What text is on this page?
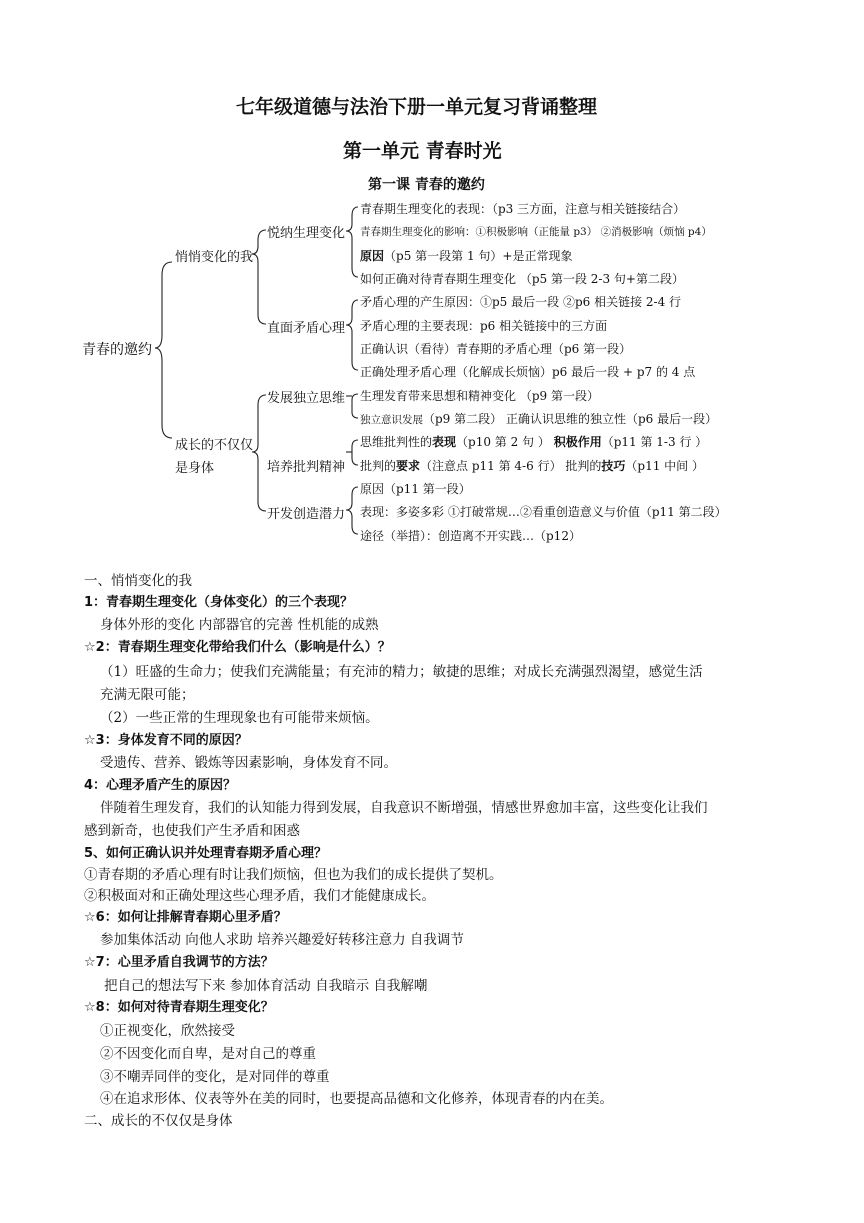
七年级道德与法治下册一单元复习背诵整理
第一单元 青春时光
第一课 青春的邀约
青春的邀约
悄悄变化的我
悦纳生理变化
青春期生理变化的表现：（p3 三方面，注意与相关链接结合）
青春期生理变化的影响：①积极影响（正能量 p3） ②消极影响（烦恼 p4）
原因（p5 第一段第 1 句）+是正常现象
如何正确对待青春期生理变化 （p5 第一段 2-3 句+第二段）
直面矛盾心理
矛盾心理的产生原因：①p5 最后一段 ②p6 相关链接 2-4 行
矛盾心理的主要表现：p6 相关链接中的三方面
正确认识（看待）青春期的矛盾心理（p6 第一段）
正确处理矛盾心理（化解成长烦恼）p6 最后一段 + p7 的 4 点
成长的不仅仅
是身体
发展独立思维 生理发育带来思想和精神变化 （p9 第一段）
独立意识发展（p9 第二段） 正确认识思维的独立性（p6 最后一段）
培养批判精神
思维批判性的表现（p10 第 2 句 ） 积极作用（p11 第 1-3 行 ）
批判的要求（注意点 p11 第 4-6 行） 批判的技巧（p11 中间 ）
开发创造潜力
原因（p11 第一段）
表现：多姿多彩 ①打破常规…②看重创造意义与价值（p11 第二段）
途径（举措）：创造离不开实践…（p12）
一、悄悄变化的我
1：青春期生理变化（身体变化）的三个表现？
身体外形的变化 内部器官的完善 性机能的成熟
☆2：青春期生理变化带给我们什么（影响是什么）？
（1）旺盛的生命力；使我们充满能量；有充沛的精力；敏捷的思维；对成长充满强烈渴望，感觉生活
充满无限可能；
（2）一些正常的生理现象也有可能带来烦恼。
☆3：身体发育不同的原因？
受遗传、营养、锻炼等因素影响，身体发育不同。
4：心理矛盾产生的原因？
伴随着生理发育，我们的认知能力得到发展，自我意识不断增强，情感世界愈加丰富，这些变化让我们
感到新奇，也使我们产生矛盾和困惑
5、如何正确认识并处理青春期矛盾心理？
①青春期的矛盾心理有时让我们烦恼，但也为我们的成长提供了契机。
②积极面对和正确处理这些心理矛盾，我们才能健康成长。
☆6：如何让排解青春期心里矛盾？
参加集体活动 向他人求助 培养兴趣爱好转移注意力 自我调节
☆7：心里矛盾自我调节的方法？
把自己的想法写下来 参加体育活动 自我暗示 自我解嘲
☆8：如何对待青春期生理变化？
①正视变化，欣然接受
②不因变化而自卑，是对自己的尊重
③不嘲弄同伴的变化，是对同伴的尊重
④在追求形体、仪表等外在美的同时，也要提高品德和文化修养，体现青春的内在美。
二、成长的不仅仅是身体
